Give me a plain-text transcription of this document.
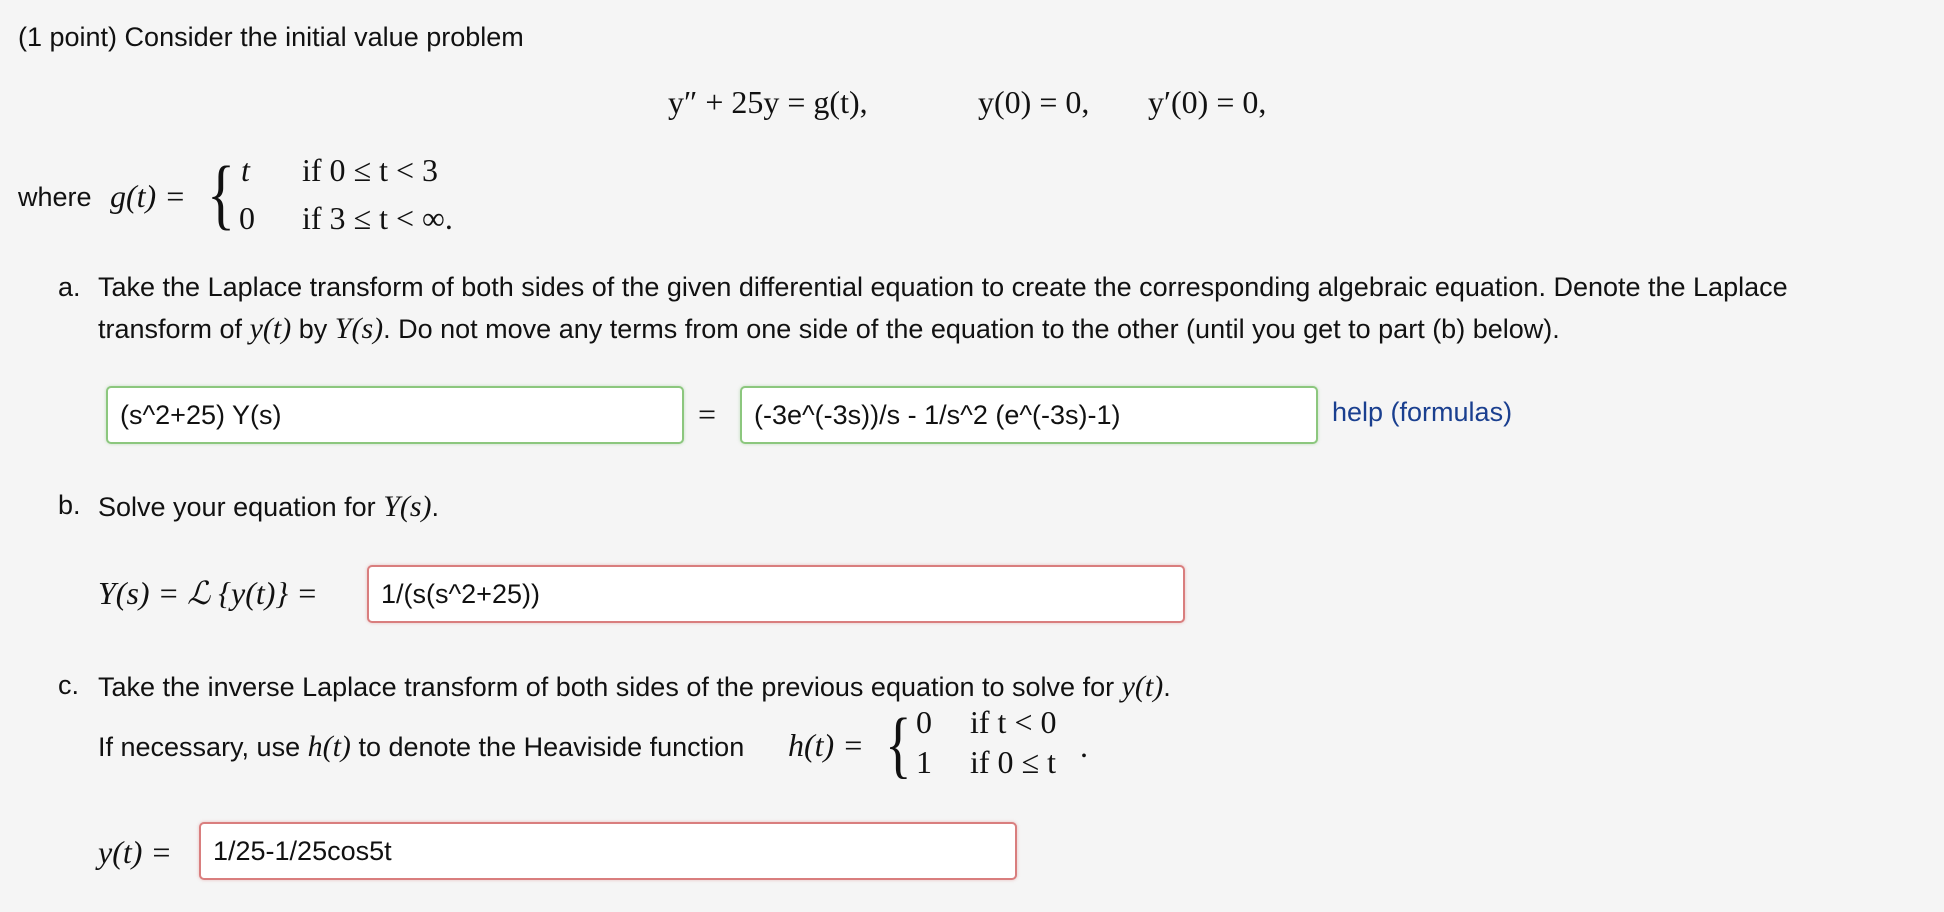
(1 point) Consider the initial value problem
y″ + 25y = g(t),	y(0) = 0, y′(0) = 0,
where g(t) = { t if 0 ≤ t < 3
0 if 3 ≤ t < ∞.
a. Take the Laplace transform of both sides of the given differential equation to create the corresponding algebraic equation. Denote the Laplace
transform of y(t) by Y(s). Do not move any terms from one side of the equation to the other (until you get to part (b) below).
(s^2+25) Y(s)	=	(-3e^(-3s))/s - 1/s^2 (e^(-3s)-1)	help (formulas)
b. Solve your equation for Y(s).
Y(s) = ℒ {y(t)} =	1/(s(s^2+25))
c. Take the inverse Laplace transform of both sides of the previous equation to solve for y(t).
If necessary, use h(t) to denote the Heaviside function h(t) = { 0 if t < 0
1 if 0 ≤ t .
y(t) =	1/25-1/25cos5t
